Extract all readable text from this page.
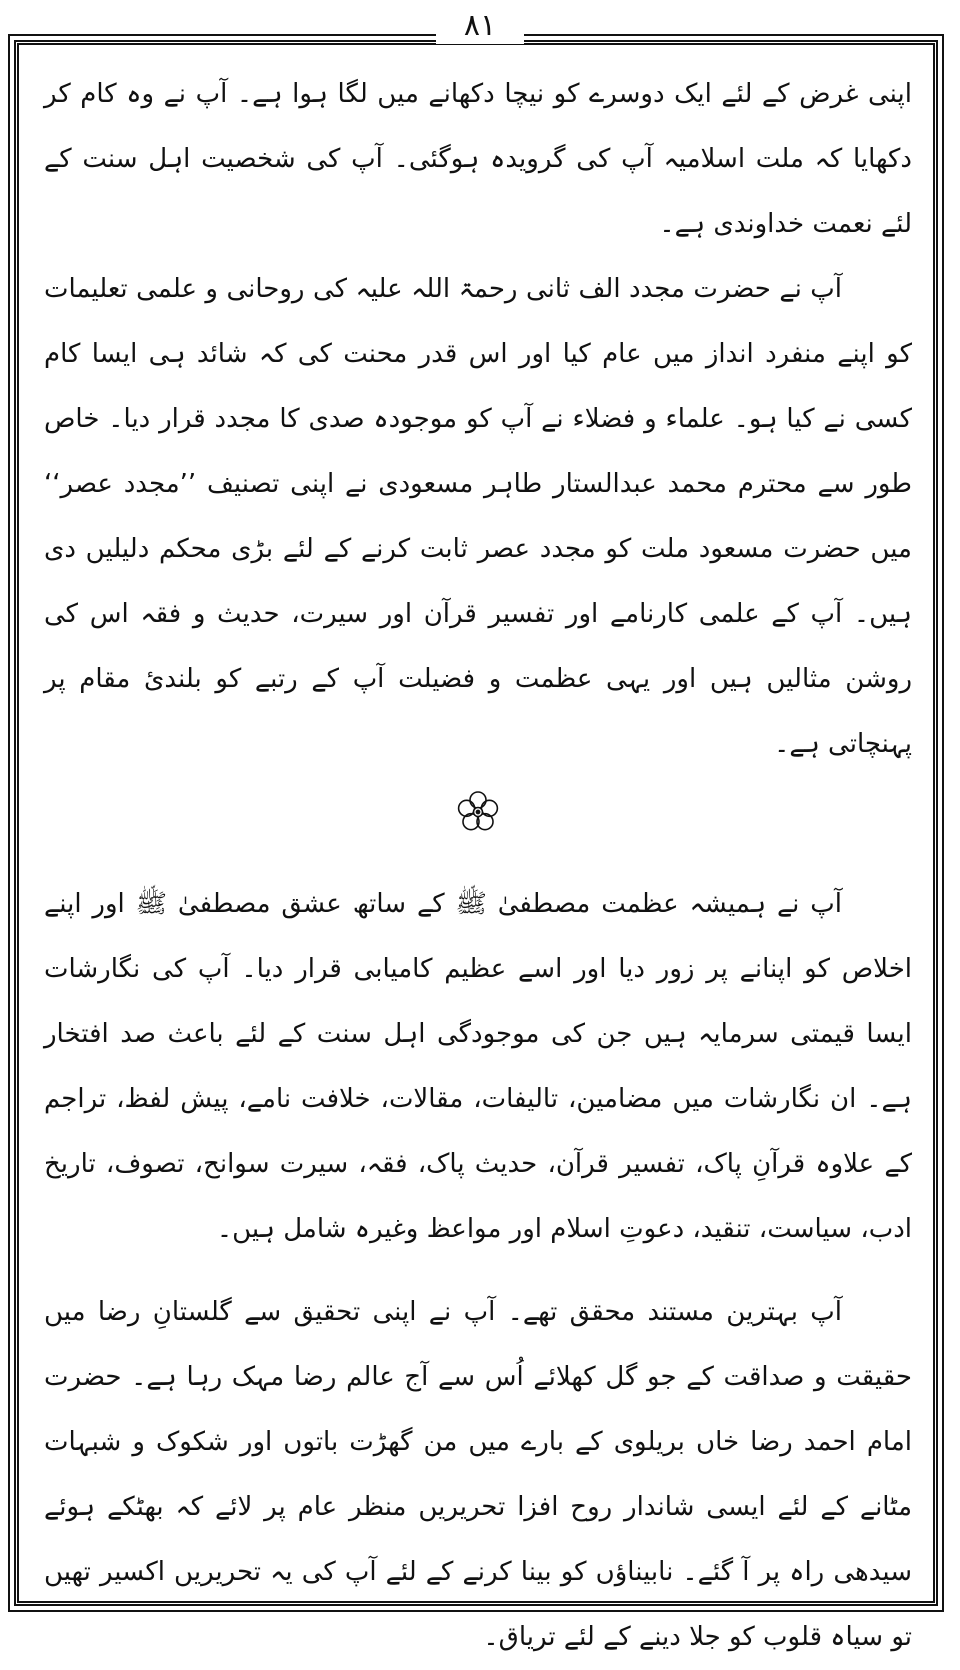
٨١

اپنی غرض کے لئے ایک دوسرے کو نیچا دکھانے میں لگا ہوا ہے۔ آپ نے وہ کام کر دکھایا کہ ملت اسلامیہ آپ کی گرویدہ ہوگئی۔ آپ کی شخصیت اہل سنت کے لئے نعمت خداوندی ہے۔

آپ نے حضرت مجدد الف ثانی رحمۃ اللہ علیہ کی روحانی و علمی تعلیمات کو اپنے منفرد انداز میں عام کیا اور اس قدر محنت کی کہ شائد ہی ایسا کام کسی نے کیا ہو۔ علماء و فضلاء نے آپ کو موجودہ صدی کا مجدد قرار دیا۔ خاص طور سے محترم محمد عبدالستار طاہر مسعودی نے اپنی تصنیف ’’مجدد عصر‘‘ میں حضرت مسعود ملت کو مجدد عصر ثابت کرنے کے لئے بڑی محکم دلیلیں دی ہیں۔ آپ کے علمی کارنامے اور تفسیر قرآن اور سیرت، حدیث و فقہ اس کی روشن مثالیں ہیں اور یہی عظمت و فضیلت آپ کے رتبے کو بلندیٔ مقام پر پہنچاتی ہے۔

آپ نے ہمیشہ عظمت مصطفیٰ ﷺ کے ساتھ عشق مصطفیٰ ﷺ اور اپنے اخلاص کو اپنانے پر زور دیا اور اسے عظیم کامیابی قرار دیا۔ آپ کی نگارشات ایسا قیمتی سرمایہ ہیں جن کی موجودگی اہل سنت کے لئے باعث صد افتخار ہے۔ ان نگارشات میں مضامین، تالیفات، مقالات، خلافت نامے، پیش لفظ، تراجم کے علاوہ قرآنِ پاک، تفسیر قرآن، حدیث پاک، فقہ، سیرت سوانح، تصوف، تاریخ ادب، سیاست، تنقید، دعوتِ اسلام اور مواعظ وغیرہ شامل ہیں۔

آپ بہترین مستند محقق تھے۔ آپ نے اپنی تحقیق سے گلستانِ رضا میں حقیقت و صداقت کے جو گل کھلائے اُس سے آج عالم رضا مہک رہا ہے۔ حضرت امام احمد رضا خاں بریلوی کے بارے میں من گھڑت باتوں اور شکوک و شبہات مٹانے کے لئے ایسی شاندار روح افزا تحریریں منظر عام پر لائے کہ بھٹکے ہوئے سیدھی راہ پر آ گئے۔ نابیناؤں کو بینا کرنے کے لئے آپ کی یہ تحریریں اکسیر تھیں تو سیاہ قلوب کو جلا دینے کے لئے تریاق۔
